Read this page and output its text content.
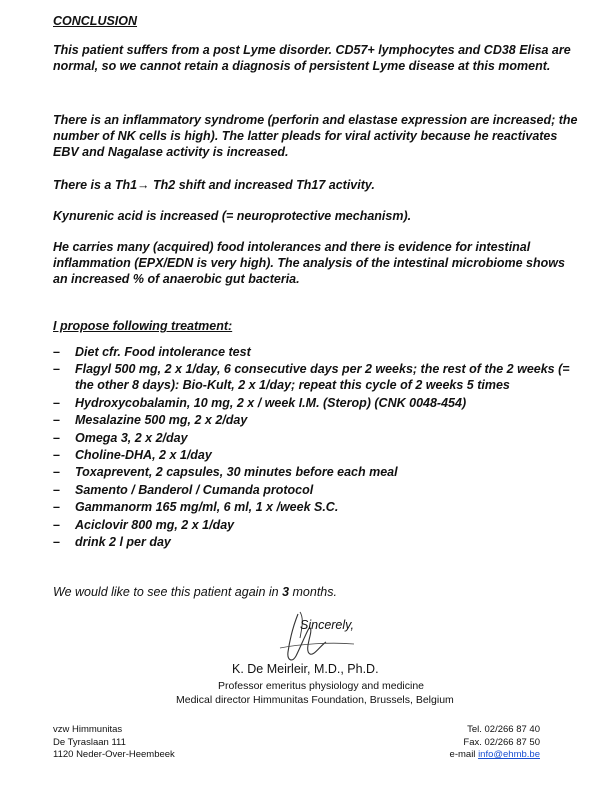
CONCLUSION

This patient suffers from a post Lyme disorder. CD57+ lymphocytes and CD38 Elisa are normal, so we cannot retain a diagnosis of persistent Lyme disease at this moment.

There is an inflammatory syndrome (perforin and elastase expression are increased; the number of NK cells is high). The latter pleads for viral activity because he reactivates EBV and Nagalase activity is increased.

There is a Th1→ Th2 shift and increased Th17 activity.

Kynurenic acid is increased (= neuroprotective mechanism).

He carries many (acquired) food intolerances and there is evidence for intestinal inflammation (EPX/EDN is very high). The analysis of the intestinal microbiome shows an increased % of anaerobic gut bacteria.

I propose following treatment:
– Diet cfr. Food intolerance test
– Flagyl 500 mg, 2 x 1/day, 6 consecutive days per 2 weeks; the rest of the 2 weeks (= the other 8 days): Bio-Kult, 2 x 1/day; repeat this cycle of 2 weeks 5 times
– Hydroxycobalamin, 10 mg, 2 x / week I.M. (Sterop) (CNK 0048-454)
– Mesalazine 500 mg, 2 x 2/day
– Omega 3, 2 x 2/day
– Choline-DHA, 2 x 1/day
– Toxaprevent, 2 capsules, 30 minutes before each meal
– Samento / Banderol / Cumanda protocol
– Gammanorm 165 mg/ml, 6 ml, 1 x /week S.C.
– Aciclovir 800 mg, 2 x 1/day
– drink 2 l per day

We would like to see this patient again in 3 months.

Sincerely,
K. De Meirleir, M.D., Ph.D.
Professor emeritus physiology and medicine
Medical director Himmunitas Foundation, Brussels, Belgium
vzw Himmunitas
De Tyraslaan 111
1120 Neder-Over-Heembeek
Tel. 02/266 87 40
Fax. 02/266 87 50
e-mail info@ehmb.be
